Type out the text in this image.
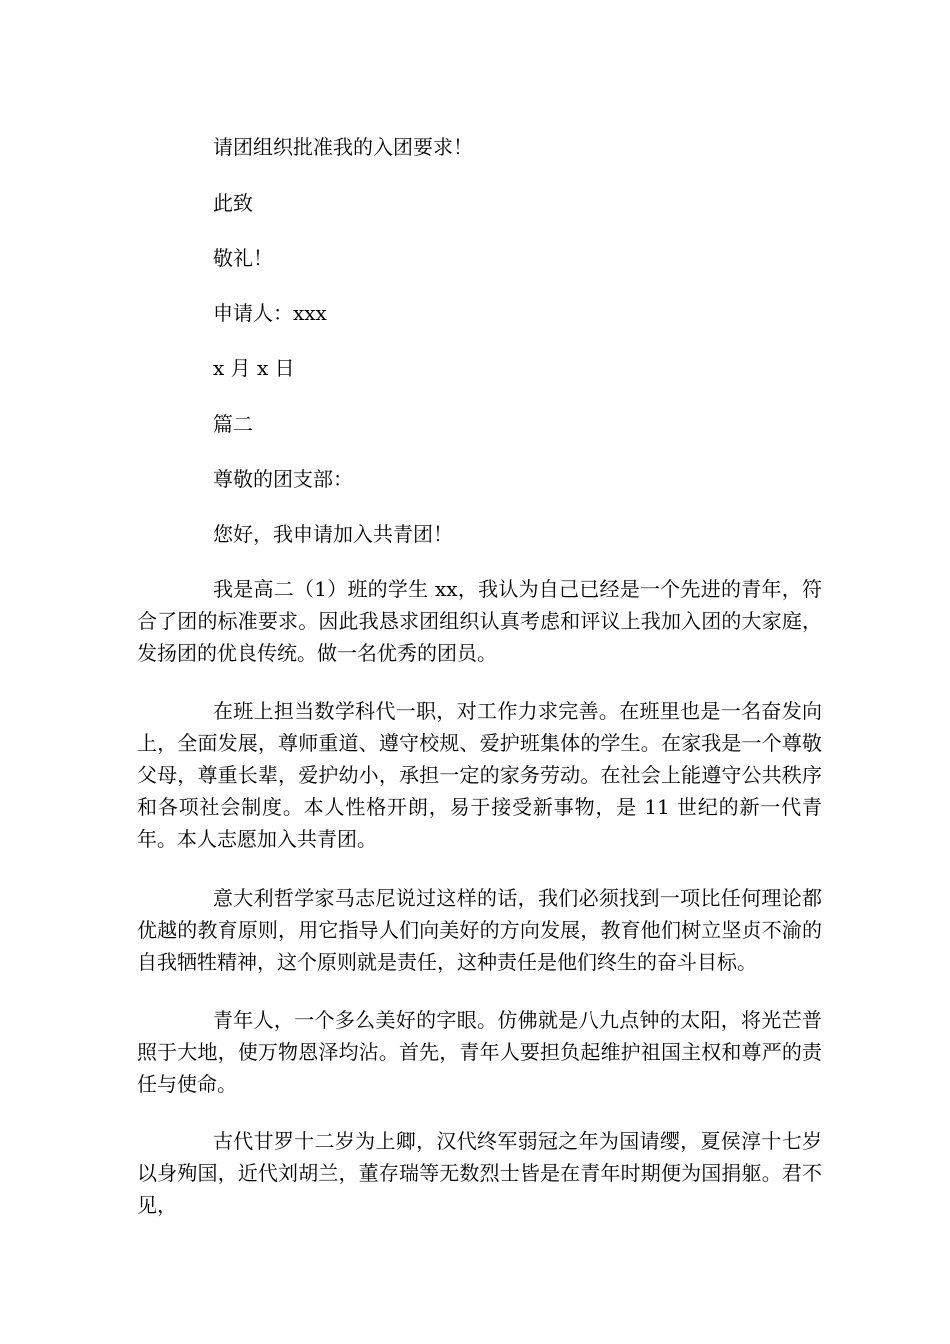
请团组织批准我的入团要求！
此致
敬礼！
申请人：xxx
x 月 x 日
篇二
尊敬的团支部：
您好，我申请加入共青团！
我是高二（1）班的学生 xx，我认为自己已经是一个先进的青年，符合了团的标准要求。因此我恳求团组织认真考虑和评议上我加入团的大家庭，发扬团的优良传统。做一名优秀的团员。
在班上担当数学科代一职，对工作力求完善。在班里也是一名奋发向上，全面发展，尊师重道、遵守校规、爱护班集体的学生。在家我是一个尊敬父母，尊重长辈，爱护幼小，承担一定的家务劳动。在社会上能遵守公共秩序和各项社会制度。本人性格开朗，易于接受新事物，是 11 世纪的新一代青年。本人志愿加入共青团。
意大利哲学家马志尼说过这样的话，我们必须找到一项比任何理论都优越的教育原则，用它指导人们向美好的方向发展，教育他们树立坚贞不渝的自我牺牲精神，这个原则就是责任，这种责任是他们终生的奋斗目标。
青年人，一个多么美好的字眼。仿佛就是八九点钟的太阳，将光芒普照于大地，使万物恩泽均沾。首先，青年人要担负起维护祖国主权和尊严的责任与使命。
古代甘罗十二岁为上卿，汉代终军弱冠之年为国请缨，夏侯淳十七岁以身殉国，近代刘胡兰，董存瑞等无数烈士皆是在青年时期便为国捐躯。君不见，
